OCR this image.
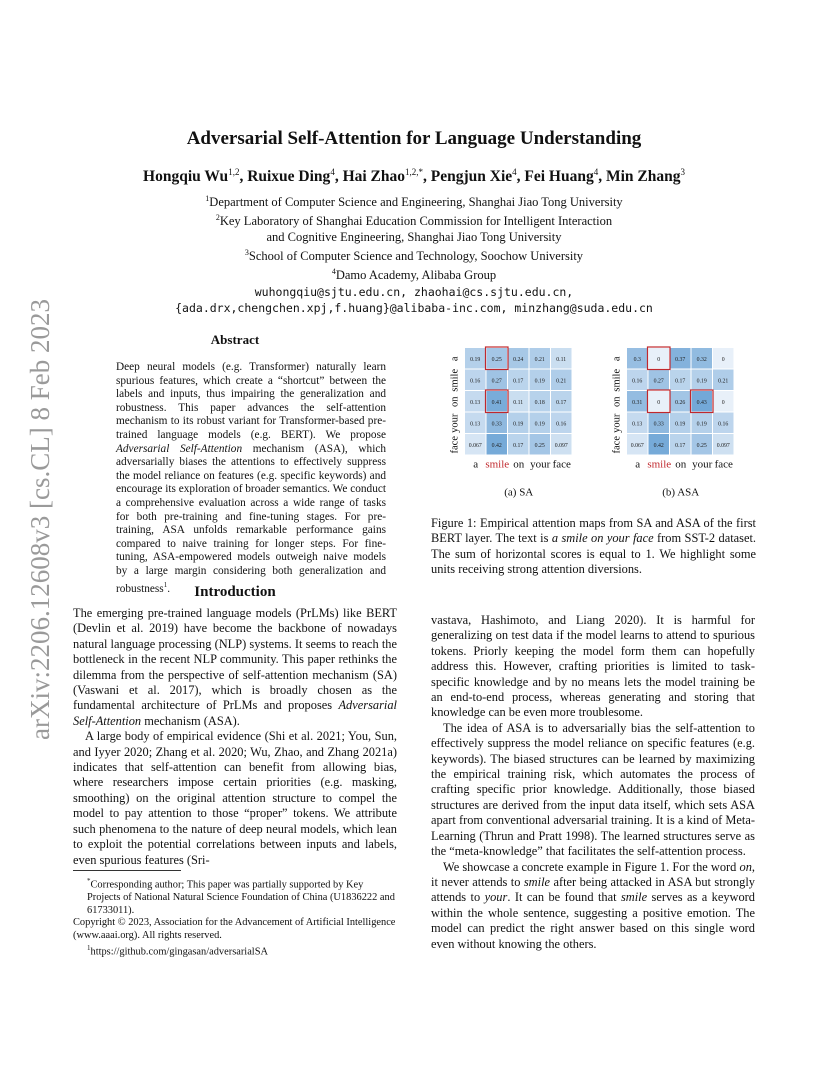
arXiv:2206.12608v3 [cs.CL] 8 Feb 2023
Adversarial Self-Attention for Language Understanding
Hongqiu Wu$^{1,2}$, Ruixue Ding$^4$, Hai Zhao$^{1,2,*}$, Pengjun Xie$^4$, Fei Huang$^4$, Min Zhang$^3$
$^1$Department of Computer Science and Engineering, Shanghai Jiao Tong University
$^2$Key Laboratory of Shanghai Education Commission for Intelligent Interaction
and Cognitive Engineering, Shanghai Jiao Tong University
$^3$School of Computer Science and Technology, Soochow University
$^4$Damo Academy, Alibaba Group
wuhongqiu@sjtu.edu.cn, zhaohai@cs.sjtu.edu.cn,
{ada.drx,chengchen.xpj,f.huang}@alibaba-inc.com, minzhang@suda.edu.cn
Abstract
Deep neural models (e.g. Transformer) naturally learn spurious features, which create a “shortcut” between the labels and inputs, thus impairing the generalization and robustness. This paper advances the self-attention mechanism to its robust variant for Transformer-based pre-trained language models (e.g. BERT). We propose Adversarial Self-Attention mechanism (ASA), which adversarially biases the attentions to effectively suppress the model reliance on features (e.g. specific keywords) and encourage its exploration of broader semantics. We conduct a comprehensive evaluation across a wide range of tasks for both pre-training and fine-tuning stages. For pre-training, ASA unfolds remarkable performance gains compared to naive training for longer steps. For fine-tuning, ASA-empowered models outweigh naive models by a large margin considering both generalization and robustness$^1$.	Introduction

The emerging pre-trained language models (PrLMs) like BERT (Devlin et al. 2019) have become the backbone of nowadays natural language processing (NLP) systems. It seems to reach the bottleneck in the recent NLP community. This paper rethinks the dilemma from the perspective of self-attention mechanism (SA) (Vaswani et al. 2017), which is broadly chosen as the fundamental architecture of PrLMs and proposes Adversarial Self-Attention mechanism (ASA).

A large body of empirical evidence (Shi et al. 2021; You, Sun, and Iyyer 2020; Zhang et al. 2020; Wu, Zhao, and Zhang 2021a) indicates that self-attention can benefit from allowing bias, where researchers impose certain priorities (e.g. masking, smoothing) on the original attention structure to compel the model to pay attention to those “proper” tokens. We attribute such phenomena to the nature of deep neural models, which lean to exploit the potential correlations between inputs and labels, even spurious features (Sri-

*Corresponding author; This paper was partially supported by Key Projects of National Natural Science Foundation of China (U1836222 and 61733011).
Copyright © 2023, Association for the Advancement of Artificial Intelligence (www.aaai.org). All rights reserved.
$^1$https://github.com/gingasan/adversarialSA
0.19 0.25 0.24 0.21 0.11
0.16 0.27 0.17 0.19 0.21
0.13 0.41 0.11 0.18 0.17
0.13 0.33 0.19 0.19 0.16
0.067 0.42 0.17 0.25 0.097
a smile on your face
a
smile
on
your
face
(a) SA
0.3	0	0.37 0.32	0
0.16 0.27 0.17 0.19 0.21
0.31	0	0.26 0.43	0
0.13 0.33 0.19 0.19 0.16
0.067 0.42 0.17 0.25 0.097
a smile on your face
a
smile
on
your
face
(b) ASA
Figure 1: Empirical attention maps from SA and ASA of the first BERT layer. The text is a smile on your face from SST-2 dataset. The sum of horizontal scores is equal to 1. We highlight some units receiving strong attention diversions.

vastava, Hashimoto, and Liang 2020). It is harmful for generalizing on test data if the model learns to attend to spurious tokens. Priorly keeping the model form them can hopefully address this. However, crafting priorities is limited to task-specific knowledge and by no means lets the model training be an end-to-end process, whereas generating and storing that knowledge can be even more troublesome.

The idea of ASA is to adversarially bias the self-attention to effectively suppress the model reliance on specific features (e.g. keywords). The biased structures can be learned by maximizing the empirical training risk, which automates the process of crafting specific prior knowledge. Additionally, those biased structures are derived from the input data itself, which sets ASA apart from conventional adversarial training. It is a kind of Meta-Learning (Thrun and Pratt 1998). The learned structures serve as the “meta-knowledge” that facilitates the self-attention process.

We showcase a concrete example in Figure 1. For the word on, it never attends to smile after being attacked in ASA but strongly attends to your. It can be found that smile serves as a keyword within the whole sentence, suggesting a positive emotion. The model can predict the right answer based on this single word even without knowing the others.
